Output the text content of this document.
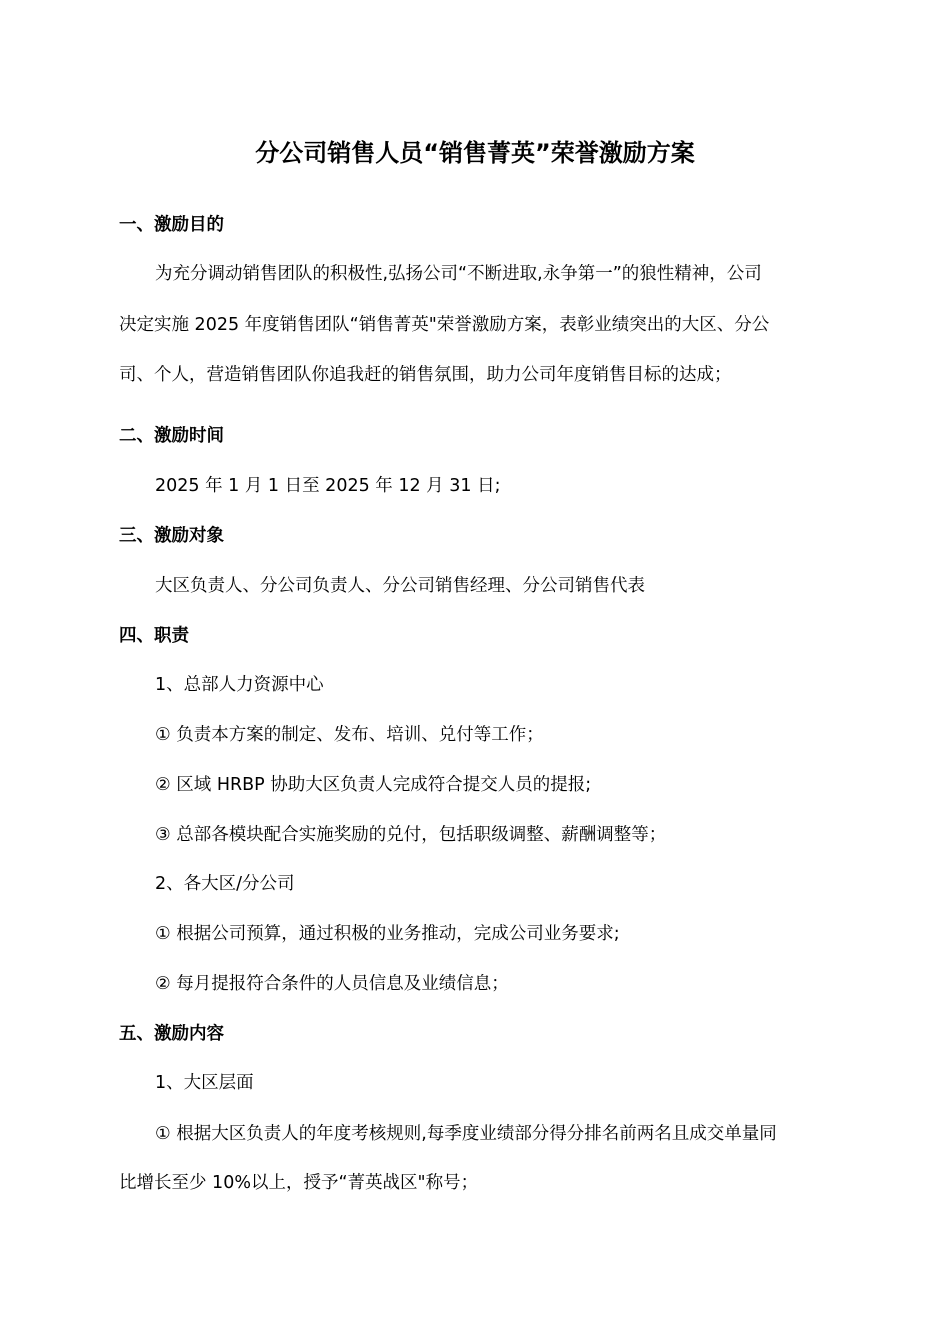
分公司销售人员“销售菁英”荣誉激励方案
一、激励目的
为充分调动销售团队的积极性,弘扬公司“不断进取,永争第一”的狼性精神，公司
决定实施 2025 年度销售团队“销售菁英"荣誉激励方案，表彰业绩突出的大区、分公
司、个人，营造销售团队你追我赶的销售氛围，助力公司年度销售目标的达成；
二、激励时间
2025 年 1 月 1 日至 2025 年 12 月 31 日;
三、激励对象
大区负责人、分公司负责人、分公司销售经理、分公司销售代表
四、职责
1、总部人力资源中心
① 负责本方案的制定、发布、培训、兑付等工作；
② 区域 HRBP 协助大区负责人完成符合提交人员的提报;
③ 总部各模块配合实施奖励的兑付，包括职级调整、薪酬调整等；
2、各大区/分公司
① 根据公司预算，通过积极的业务推动，完成公司业务要求;
② 每月提报符合条件的人员信息及业绩信息；
五、激励内容
1、大区层面
① 根据大区负责人的年度考核规则,每季度业绩部分得分排名前两名且成交单量同
比增长至少 10%以上，授予“菁英战区"称号；
